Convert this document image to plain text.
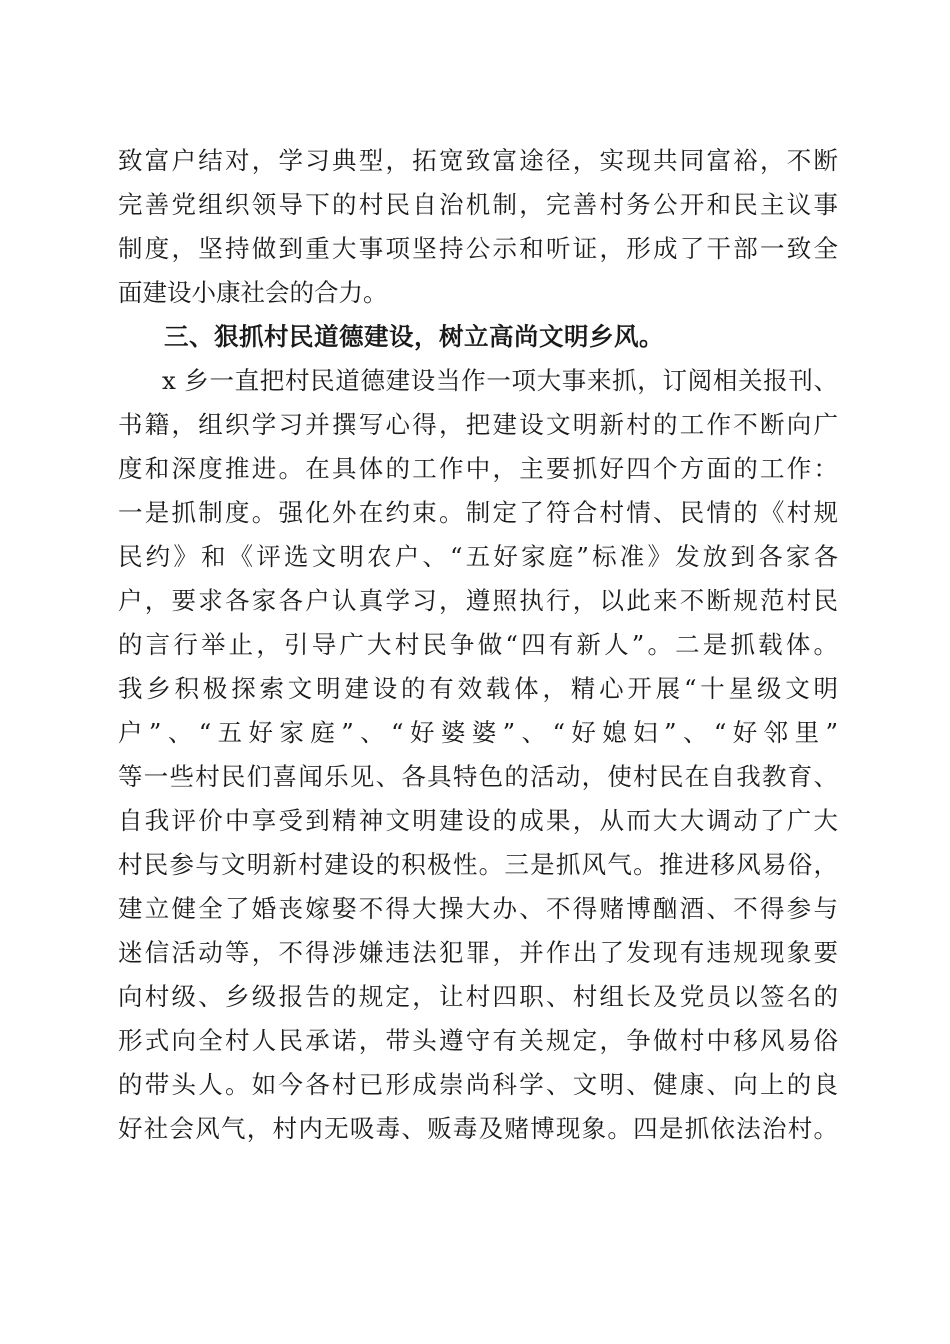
致富户结对，学习典型，拓宽致富途径，实现共同富裕，不断

完善党组织领导下的村民自治机制，完善村务公开和民主议事

制度，坚持做到重大事项坚持公示和听证，形成了干部一致全

面建设小康社会的合力。

三、狠抓村民道德建设，树立高尚文明乡风。

x 乡一直把村民道德建设当作一项大事来抓，订阅相关报刊、

书籍，组织学习并撰写心得，把建设文明新村的工作不断向广

度和深度推进。在具体的工作中，主要抓好四个方面的工作：

一是抓制度。强化外在约束。制定了符合村情、民情的《村规

民约》和《评选文明农户、“五好家庭”标准》发放到各家各

户，要求各家各户认真学习，遵照执行，以此来不断规范村民

的言行举止，引导广大村民争做“四有新人”。二是抓载体。

我乡积极探索文明建设的有效载体，精心开展“十星级文明

户”、“五好家庭”、“好婆婆”、“好媳妇”、“好邻里”

等一些村民们喜闻乐见、各具特色的活动，使村民在自我教育、

自我评价中享受到精神文明建设的成果，从而大大调动了广大

村民参与文明新村建设的积极性。三是抓风气。推进移风易俗，

建立健全了婚丧嫁娶不得大操大办、不得赌博酗酒、不得参与

迷信活动等，不得涉嫌违法犯罪，并作出了发现有违规现象要

向村级、乡级报告的规定，让村四职、村组长及党员以签名的

形式向全村人民承诺，带头遵守有关规定，争做村中移风易俗

的带头人。如今各村已形成崇尚科学、文明、健康、向上的良

好社会风气，村内无吸毒、贩毒及赌博现象。四是抓依法治村。
